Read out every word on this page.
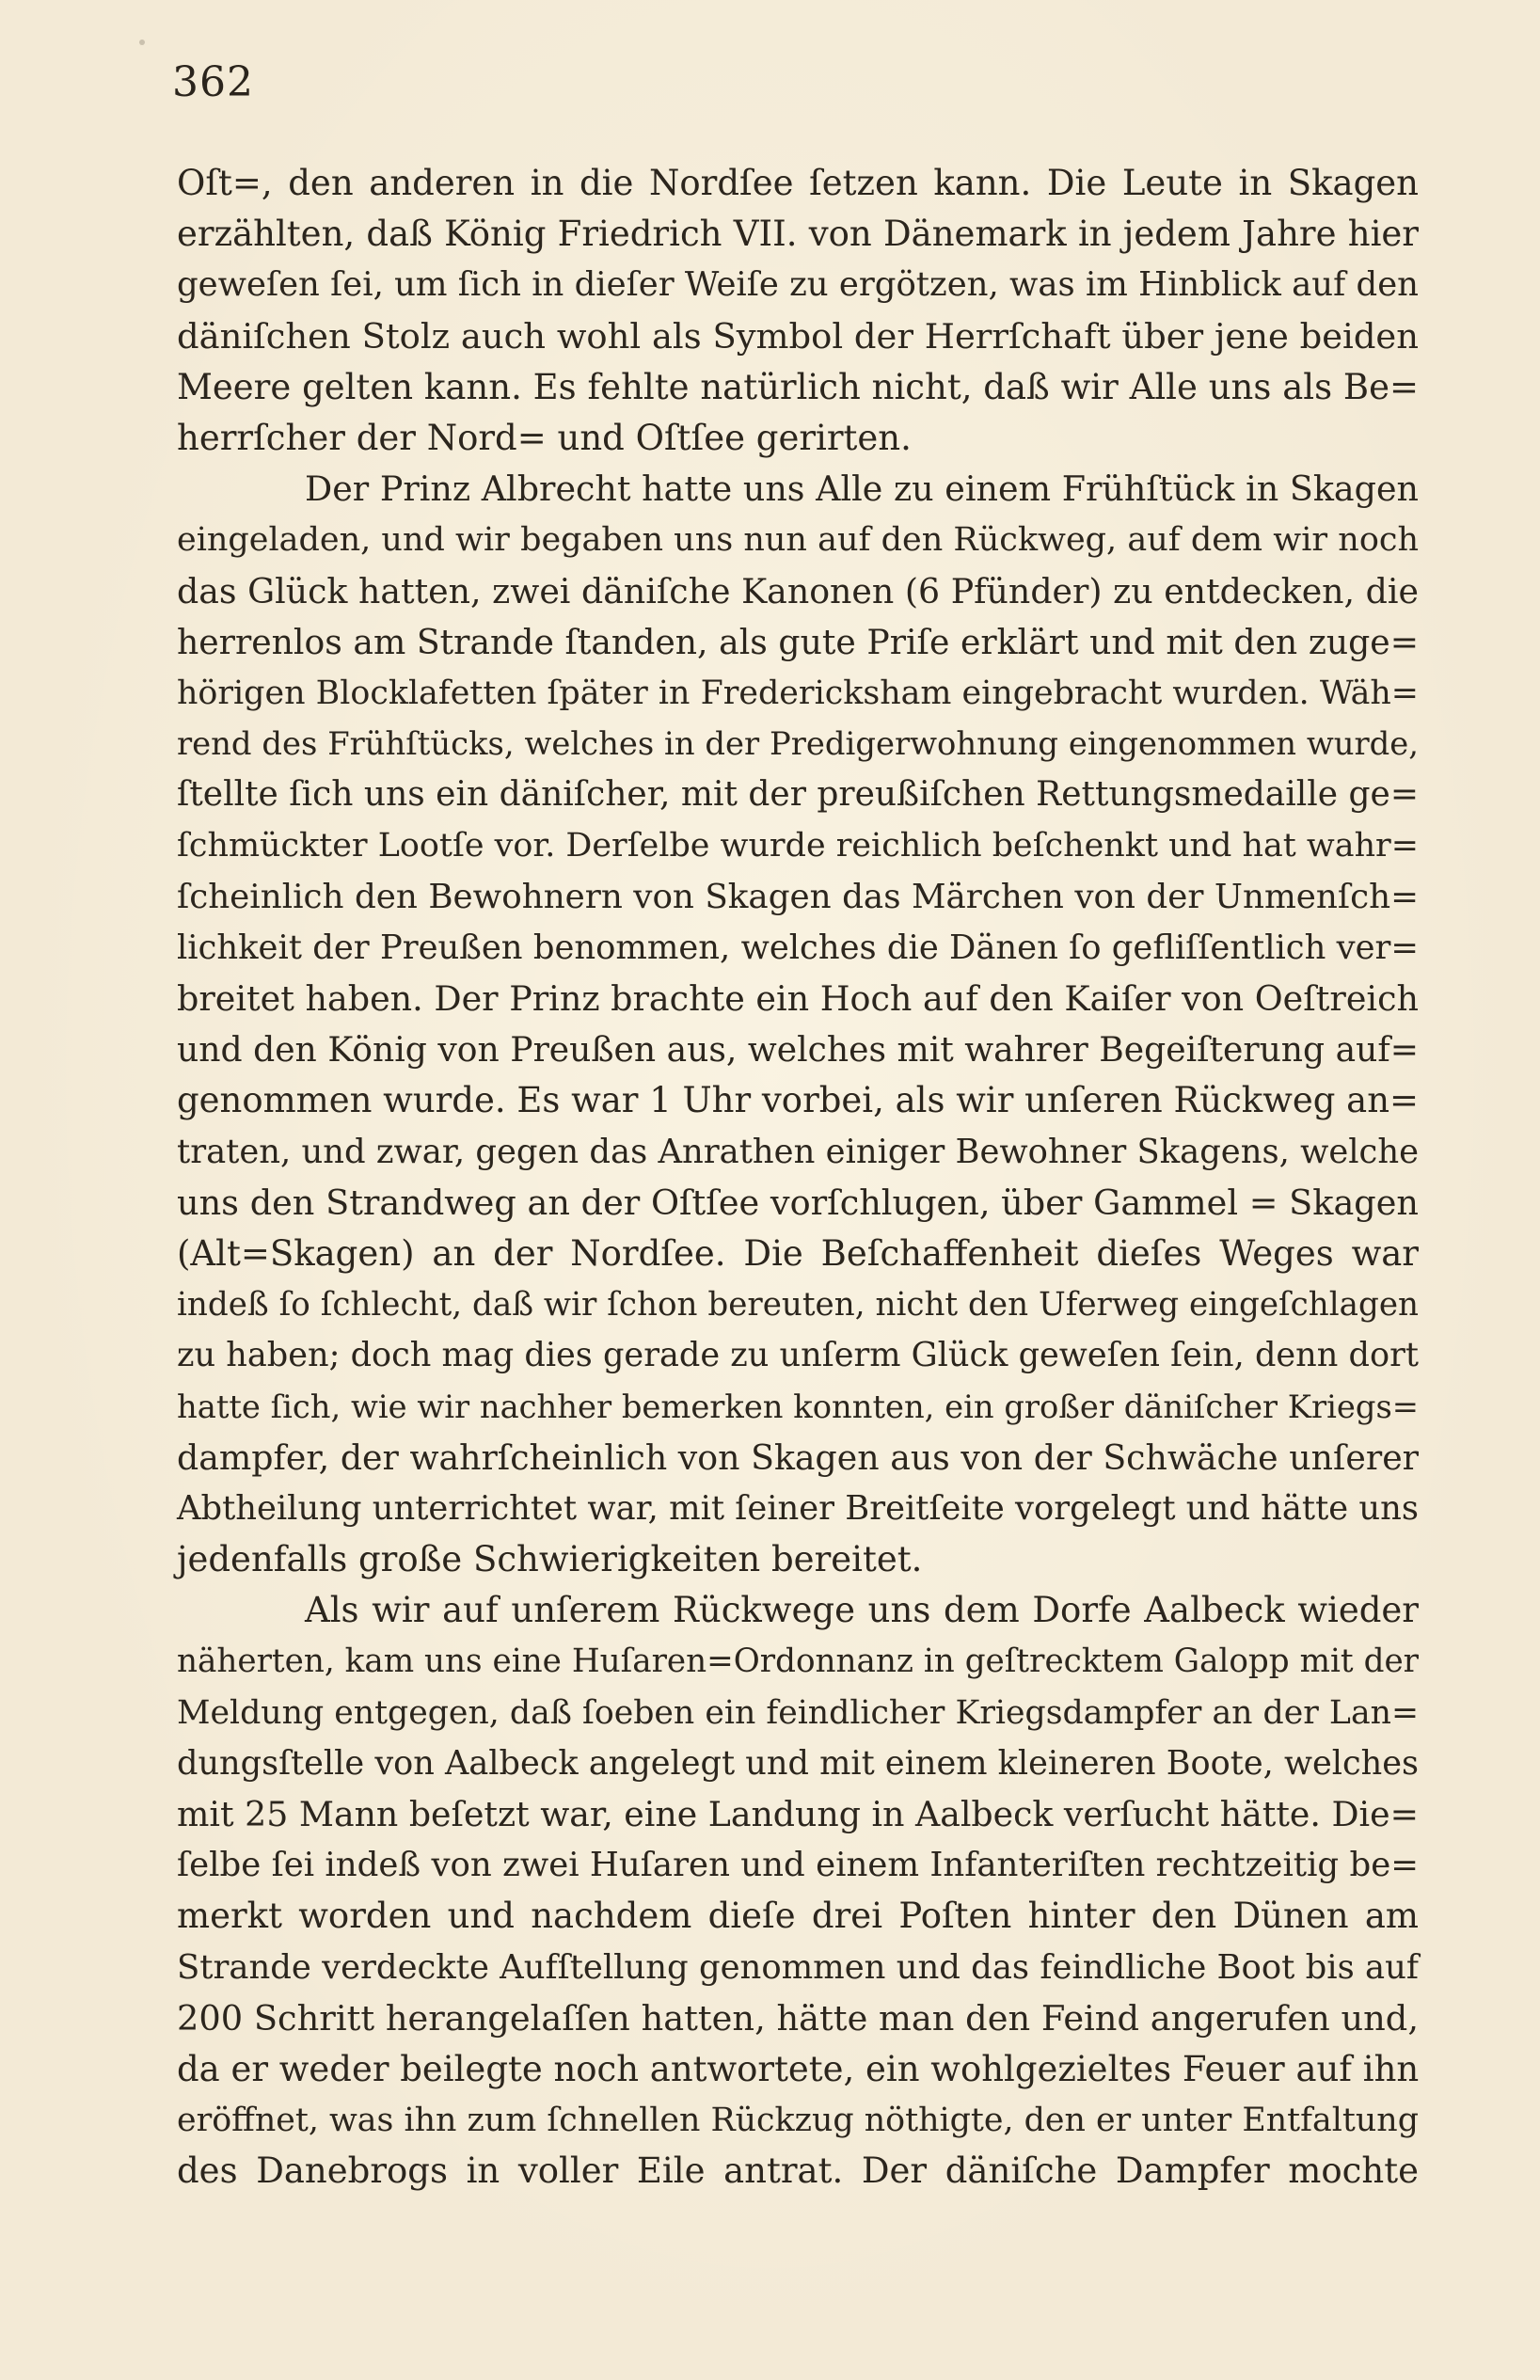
362
Oſt=, den anderen in die Nordſee ſetzen kann. Die Leute in Skagen
erzählten, daß König Friedrich VII. von Dänemark in jedem Jahre hier
geweſen ſei, um ſich in dieſer Weiſe zu ergötzen, was im Hinblick auf den
däniſchen Stolz auch wohl als Symbol der Herrſchaft über jene beiden
Meere gelten kann. Es fehlte natürlich nicht, daß wir Alle uns als Be=
herrſcher der Nord= und Oſtſee gerirten.
Der Prinz Albrecht hatte uns Alle zu einem Frühſtück in Skagen
eingeladen, und wir begaben uns nun auf den Rückweg, auf dem wir noch
das Glück hatten, zwei däniſche Kanonen (6 Pfünder) zu entdecken, die
herrenlos am Strande ſtanden, als gute Priſe erklärt und mit den zuge=
hörigen Blocklafetten ſpäter in Fredericksham eingebracht wurden. Wäh=
rend des Frühſtücks, welches in der Predigerwohnung eingenommen wurde,
ſtellte ſich uns ein däniſcher, mit der preußiſchen Rettungsmedaille ge=
ſchmückter Lootſe vor. Derſelbe wurde reichlich beſchenkt und hat wahr=
ſcheinlich den Bewohnern von Skagen das Märchen von der Unmenſch=
lichkeit der Preußen benommen, welches die Dänen ſo gefliſſentlich ver=
breitet haben. Der Prinz brachte ein Hoch auf den Kaiſer von Oeſtreich
und den König von Preußen aus, welches mit wahrer Begeiſterung auf=
genommen wurde. Es war 1 Uhr vorbei, als wir unſeren Rückweg an=
traten, und zwar, gegen das Anrathen einiger Bewohner Skagens, welche
uns den Strandweg an der Oſtſee vorſchlugen, über Gammel = Skagen
(Alt=Skagen) an der Nordſee. Die Beſchaffenheit dieſes Weges war
indeß ſo ſchlecht, daß wir ſchon bereuten, nicht den Uferweg eingeſchlagen
zu haben; doch mag dies gerade zu unſerm Glück geweſen ſein, denn dort
hatte ſich, wie wir nachher bemerken konnten, ein großer däniſcher Kriegs=
dampfer, der wahrſcheinlich von Skagen aus von der Schwäche unſerer
Abtheilung unterrichtet war, mit ſeiner Breitſeite vorgelegt und hätte uns
jedenfalls große Schwierigkeiten bereitet.
Als wir auf unſerem Rückwege uns dem Dorfe Aalbeck wieder
näherten, kam uns eine Huſaren=Ordonnanz in geſtrecktem Galopp mit der
Meldung entgegen, daß ſoeben ein feindlicher Kriegsdampfer an der Lan=
dungsſtelle von Aalbeck angelegt und mit einem kleineren Boote, welches
mit 25 Mann beſetzt war, eine Landung in Aalbeck verſucht hätte. Die=
ſelbe ſei indeß von zwei Huſaren und einem Infanteriſten rechtzeitig be=
merkt worden und nachdem dieſe drei Poſten hinter den Dünen am
Strande verdeckte Aufſtellung genommen und das feindliche Boot bis auf
200 Schritt herangelaſſen hatten, hätte man den Feind angerufen und,
da er weder beilegte noch antwortete, ein wohlgezieltes Feuer auf ihn
eröffnet, was ihn zum ſchnellen Rückzug nöthigte, den er unter Entfaltung
des Danebrogs in voller Eile antrat. Der däniſche Dampfer mochte
